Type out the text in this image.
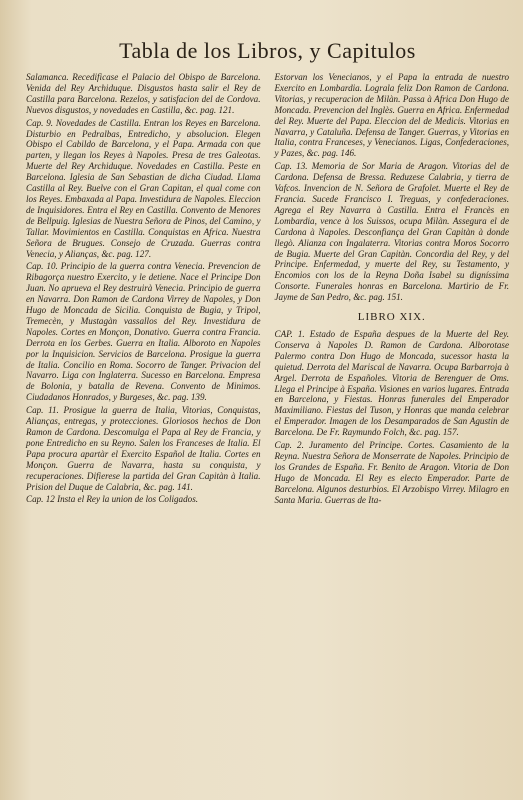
Tabla de los Libros, y Capitulos

Salamanca. Recedificase el Palacio del Obispo de Barcelona. Venida del Rey Archiduque. Disgustos hasta salir el Rey de Castilla para Barcelona. Rezelos, y satisfacion del de Cordova. Nuevos disgustos, y novedades en Castilla, &c. pag. 121.

Cap. 9. Novedades de Castilla. Entran los Reyes en Barcelona. Disturbio en Pedralbas, Entredicho, y absolucion. Elegen Obispo el Cabildo de Barcelona, y el Papa. Armada con que parten, y llegan los Reyes à Napoles. Presa de tres Galeotas. Muerte del Rey Archiduque. Novedades en Castilla. Peste en Barcelona. Iglesia de San Sebastian de dicha Ciudad. Llama Castilla al Rey. Buelve con el Gran Capitan, el qual come con los Reyes. Embaxada al Papa. Investidura de Napoles. Eleccion de Inquisidores. Entra el Rey en Castilla. Convento de Menores de Bellpuig. Iglesias de Nuestra Señora de Pinos, del Camino, y Tallar. Movimientos en Castilla. Conquistas en Africa. Nuestra Señora de Brugues. Consejo de Cruzada. Guerras contra Venecia, y Alianças, &c. pag. 127.

Cap. 10. Principio de la guerra contra Venecia. Prevencion de Ribagorça nuestro Exercito, y le detiene. Nace el Principe Don Juan. No aprueva el Rey destruirà Venecia. Principio de guerra en Navarra. Don Ramon de Cardona Virrey de Napoles, y Don Hugo de Moncada de Sicilia. Conquista de Bugia, y Tripol, Tremecèn, y Mustagàn vassallos del Rey. Investidura de Napoles. Cortes en Monçon, Donativo. Guerra contra Francia. Derrota en los Gerbes. Guerra en Italia. Alboroto en Napoles por la Inquisicion. Servicios de Barcelona. Prosigue la guerra de Italia. Concilio en Roma. Socorro de Tanger. Privacion del Navarro. Liga con Inglaterra. Sucesso en Barcelona. Empresa de Bolonia, y batalla de Revena. Convento de Minimos. Ciudadanos Honrados, y Burgeses, &c. pag. 139.

Cap. 11. Prosigue la guerra de Italia, Vitorias, Conquistas, Alianças, entregas, y protecciones. Gloriosos hechos de Don Ramon de Cardona. Descomulga el Papa al Rey de Francia, y pone Entredicho en su Reyno. Salen los Franceses de Italia. El Papa procura apartàr el Exercito Español de Italia. Cortes en Monçon. Guerra de Navarra, hasta su conquista, y recuperaciones. Difierese la partida del Gran Capitàn à Italia. Prision del Duque de Calabria, &c. pag. 141.

Cap. 12 Insta el Rey la union de los Coligados.

Estorvan los Venecianos, y el Papa la entrada de nuestro Exercito en Lombardia. Lograla feliz Don Ramon de Cardona. Vitorias, y recuperacion de Milàn. Passa à Africa Don Hugo de Moncada. Prevencion del Inglès. Guerra en Africa. Enfermedad del Rey. Muerte del Papa. Eleccion del de Medicis. Vitorias en Navarra, y Cataluña. Defensa de Tanger. Guerras, y Vitorias en Italia, contra Franceses, y Venecianos. Ligas, Confederaciones, y Pazes, &c. pag. 146.

Cap. 13. Memoria de Sor Maria de Aragon. Vitorias del de Cardona. Defensa de Bressa. Reduzese Calabria, y tierra de Vafcos. Invencion de N. Señora de Grafolet. Muerte el Rey de Francia. Sucede Francisco I. Treguas, y confederaciones. Agrega el Rey Navarra à Castilla. Entra el Francès en Lombardia, vence à los Suissos, ocupa Milàn. Assegura el de Cardona à Napoles. Desconfiança del Gran Capitàn à donde llegò. Alianza con Ingalaterra. Vitorias contra Moros Socorro de Bugia. Muerte del Gran Capitàn. Concordia del Rey, y del Principe. Enfermedad, y muerte del Rey, su Testamento, y Encomios con los de la Reyna Doña Isabel su digníssima Consorte. Funerales honras en Barcelona. Martirio de Fr. Jayme de San Pedro, &c. pag. 151.

LIBRO XIX.

CAP. 1. Estado de España despues de la Muerte del Rey. Conserva à Napoles D. Ramon de Cardona. Alborotase Palermo contra Don Hugo de Moncada, sucessor hasta la quietud. Derrota del Mariscal de Navarra. Ocupa Barbarroja à Argel. Derrota de Españoles. Vitoria de Berenguer de Oms. Llega el Principe à España. Visiones en varios lugares. Entrada en Barcelona, y Fiestas. Honras funerales del Emperador Maximiliano. Fiestas del Tuson, y Honras que manda celebrar el Emperador. Imagen de los Desamparados de San Agustin de Barcelona. De Fr. Raymundo Folch, &c. pag. 157.

Cap. 2. Juramento del Principe. Cortes. Casamiento de la Reyna. Nuestra Señora de Monserrate de Napoles. Principio de los Grandes de España. Fr. Benito de Aragon. Vitoria de Don Hugo de Moncada. El Rey es electo Emperador. Parte de Barcelona. Algunos desturbios. El Arzobispo Virrey. Milagro en Santa Maria. Guerras de Ita-
